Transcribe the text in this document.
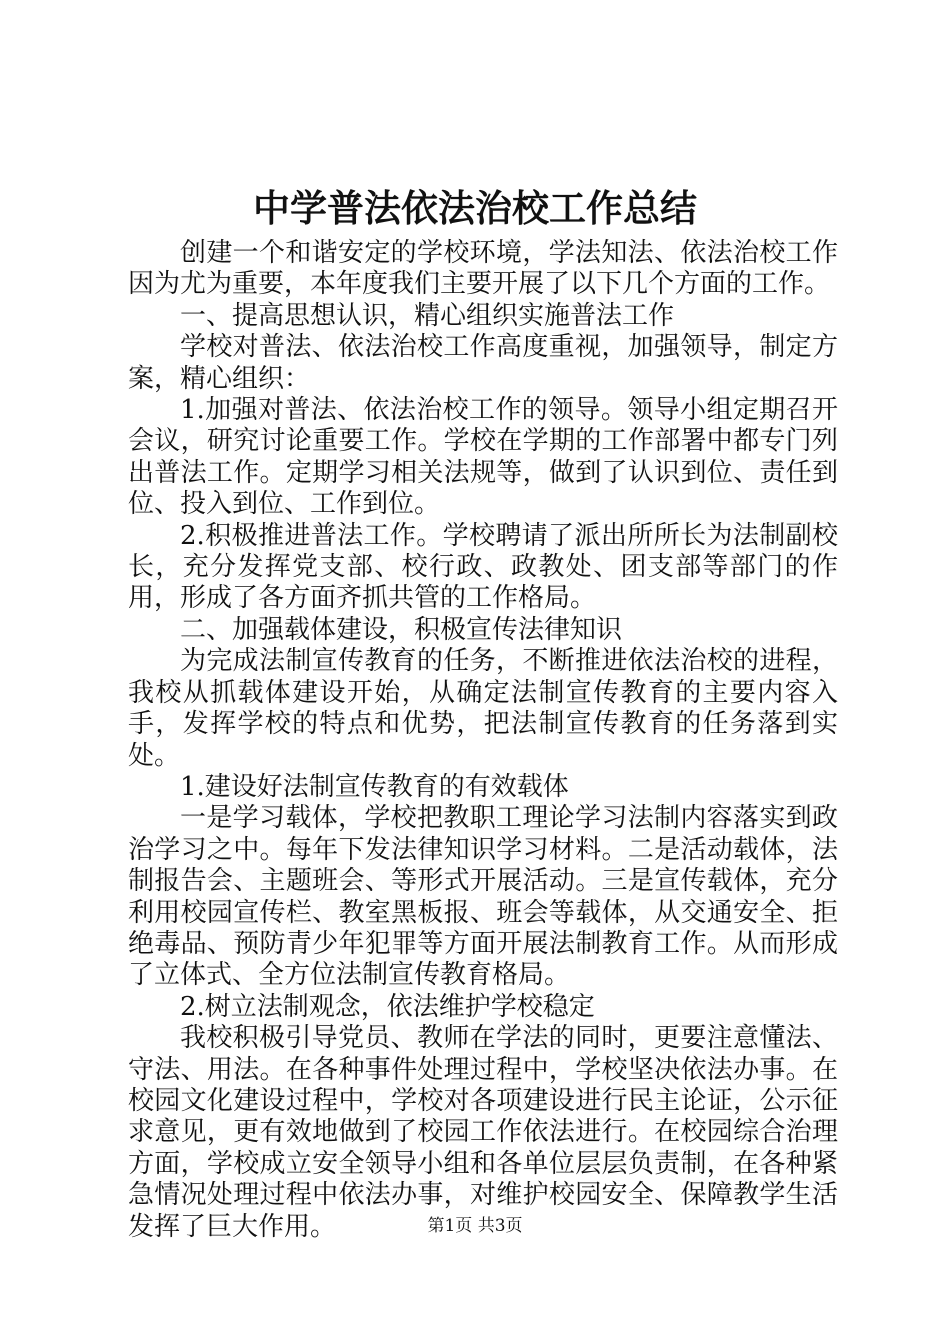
中学普法依法治校工作总结

创建一个和谐安定的学校环境，学法知法、依法治校工作因为尤为重要，本年度我们主要开展了以下几个方面的工作。

一、提高思想认识，精心组织实施普法工作

学校对普法、依法治校工作高度重视，加强领导，制定方案，精心组织：

1.加强对普法、依法治校工作的领导。领导小组定期召开会议，研究讨论重要工作。学校在学期的工作部署中都专门列出普法工作。定期学习相关法规等，做到了认识到位、责任到位、投入到位、工作到位。

2.积极推进普法工作。学校聘请了派出所所长为法制副校长，充分发挥党支部、校行政、政教处、团支部等部门的作用，形成了各方面齐抓共管的工作格局。

二、加强载体建设，积极宣传法律知识

为完成法制宣传教育的任务，不断推进依法治校的进程，我校从抓载体建设开始，从确定法制宣传教育的主要内容入手，发挥学校的特点和优势，把法制宣传教育的任务落到实处。

1.建设好法制宣传教育的有效载体

一是学习载体，学校把教职工理论学习法制内容落实到政治学习之中。每年下发法律知识学习材料。二是活动载体，法制报告会、主题班会、等形式开展活动。三是宣传载体，充分利用校园宣传栏、教室黑板报、班会等载体，从交通安全、拒绝毒品、预防青少年犯罪等方面开展法制教育工作。从而形成了立体式、全方位法制宣传教育格局。

2.树立法制观念，依法维护学校稳定

我校积极引导党员、教师在学法的同时，更要注意懂法、守法、用法。在各种事件处理过程中，学校坚决依法办事。在校园文化建设过程中，学校对各项建设进行民主论证，公示征求意见，更有效地做到了校园工作依法进行。在校园综合治理方面，学校成立安全领导小组和各单位层层负责制，在各种紧急情况处理过程中依法办事，对维护校园安全、保障教学生活发挥了巨大作用。	第1页 共3页
